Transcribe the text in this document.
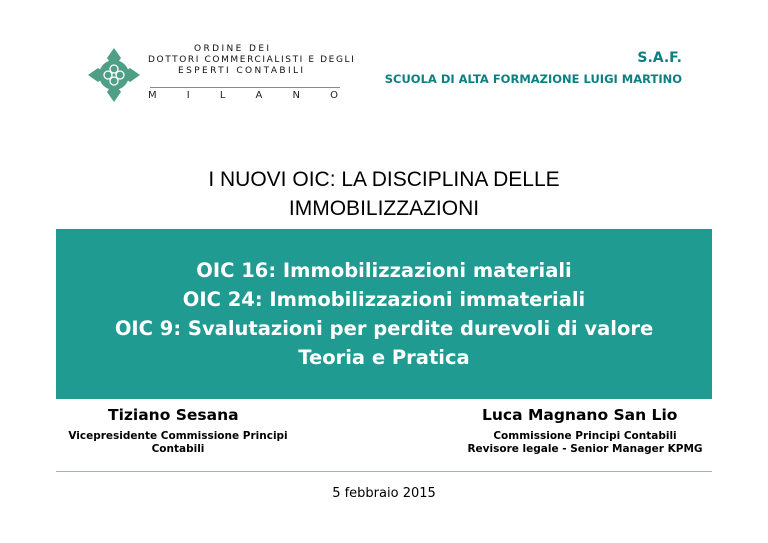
ORDINE DEI
DOTTORI COMMERCIALISTI E DEGLI
ESPERTI CONTABILI
M	I	L	A	N	O
S.A.F.
SCUOLA DI ALTA FORMAZIONE LUIGI MARTINO
I NUOVI OIC: LA DISCIPLINA DELLE
IMMOBILIZZAZIONI
OIC 16: Immobilizzazioni materiali
OIC 24: Immobilizzazioni immateriali
OIC 9: Svalutazioni per perdite durevoli di valore
Teoria e Pratica
Tiziano Sesana
Vicepresidente Commissione Principi
Contabili
Luca Magnano San Lio
Commissione Principi Contabili
Revisore legale - Senior Manager KPMG
5 febbraio 2015
